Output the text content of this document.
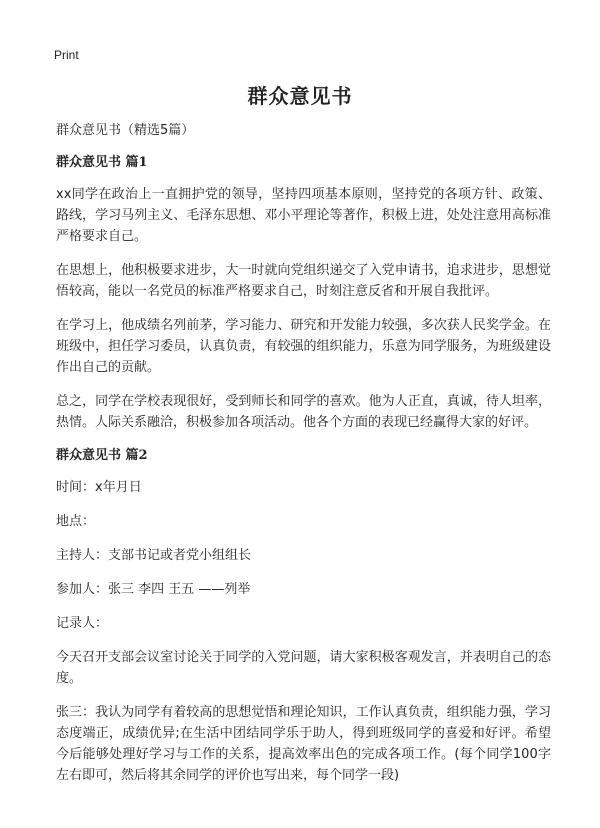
Print
群众意见书

群众意见书（精选5篇）

群众意见书 篇1

xx同学在政治上一直拥护党的领导，坚持四项基本原则，坚持党的各项方针、政策、路线，学习马列主义、毛泽东思想、邓小平理论等著作，积极上进，处处注意用高标准严格要求自己。

在思想上，他积极要求进步，大一时就向党组织递交了入党申请书，追求进步，思想觉悟较高，能以一名党员的标准严格要求自己，时刻注意反省和开展自我批评。

在学习上，他成绩名列前茅，学习能力、研究和开发能力较强，多次获人民奖学金。在班级中，担任学习委员，认真负责，有较强的组织能力，乐意为同学服务，为班级建设作出自己的贡献。

总之，同学在学校表现很好，受到师长和同学的喜欢。他为人正直，真诚，待人坦率，热情。人际关系融洽，积极参加各项活动。他各个方面的表现已经赢得大家的好评。

群众意见书 篇2

时间：x年月日

地点：

主持人：支部书记或者党小组组长

参加人：张三 李四 王五 ——列举

记录人：

今天召开支部会议室讨论关于同学的入党问题，请大家积极客观发言，并表明自己的态度。

张三：我认为同学有着较高的思想觉悟和理论知识，工作认真负责，组织能力强，学习态度端正，成绩优异;在生活中团结同学乐于助人，得到班级同学的喜爱和好评。希望今后能够处理好学习与工作的关系，提高效率出色的完成各项工作。(每个同学100字左右即可，然后将其余同学的评价也写出来，每个同学一段)
